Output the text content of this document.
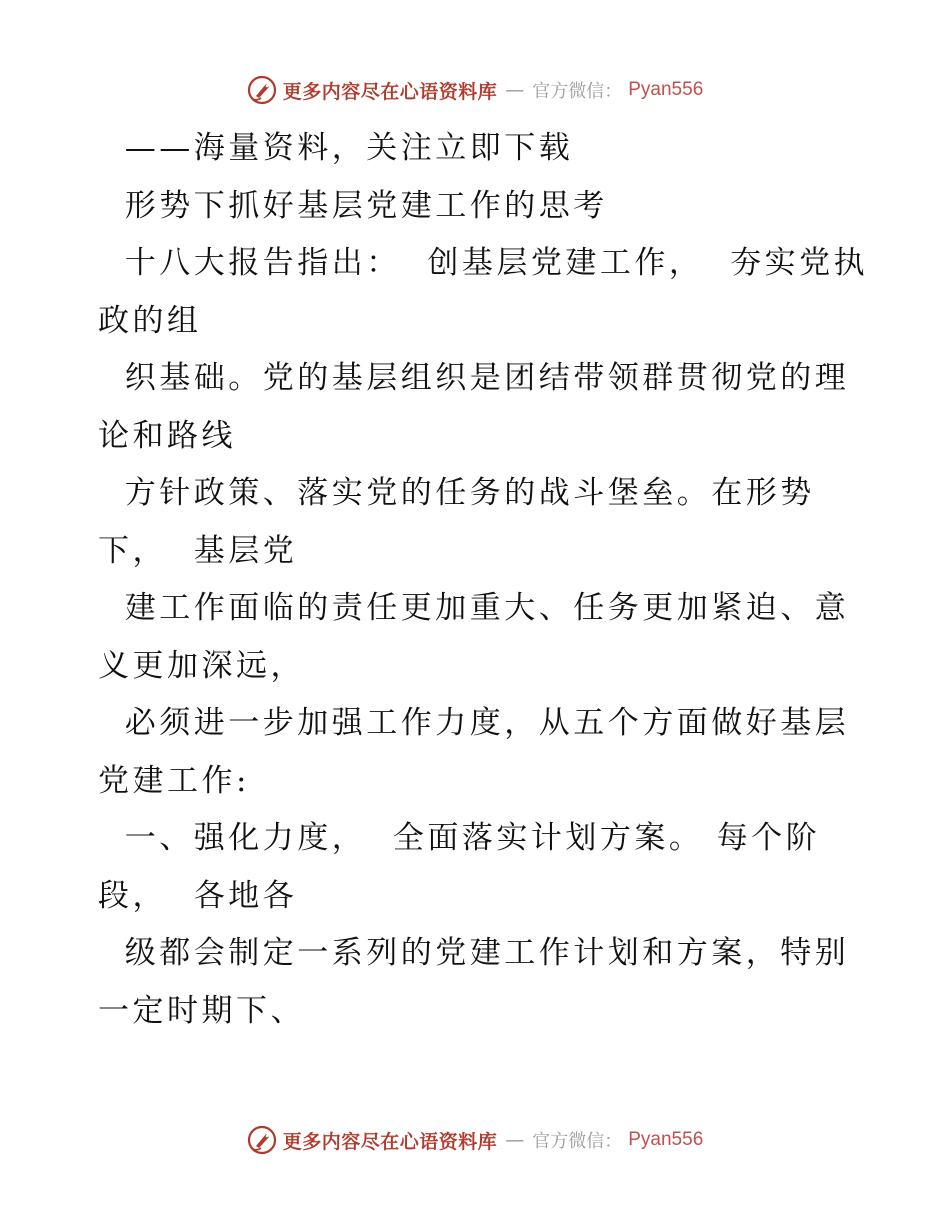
更多内容尽在心语资料库 — 官方微信： Pyan556
——海量资料，关注立即下载
形势下抓好基层党建工作的思考
十八大报告指出：  创基层党建工作，  夯实党执
政的组
织基础。党的基层组织是团结带领群贯彻党的理
论和路线
方针政策、落实党的任务的战斗堡垒。在形势
下，  基层党
建工作面临的责任更加重大、任务更加紧迫、意
义更加深远，
必须进一步加强工作力度，从五个方面做好基层
党建工作:
一、强化力度，  全面落实计划方案。 每个阶
段，  各地各
级都会制定一系列的党建工作计划和方案，特别
一定时期下、
更多内容尽在心语资料库 — 官方微信： Pyan556
